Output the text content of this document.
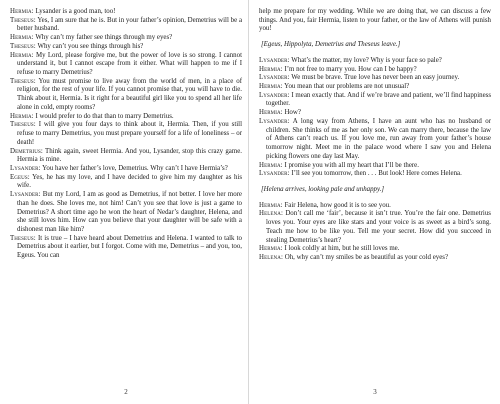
Hermia: Lysander is a good man, too!

Theseus: Yes, I am sure that he is. But in your father’s opinion, Demetrius will be a better husband.

Hermia: Why can’t my father see things through my eyes?

Theseus: Why can’t you see things through his?

Hermia: My Lord, please forgive me, but the power of love is so strong. I cannot understand it, but I cannot escape from it either. What will happen to me if I refuse to marry Demetrius?

Theseus: You must promise to live away from the world of men, in a place of religion, for the rest of your life. If you cannot promise that, you will have to die. Think about it, Hermia. Is it right for a beautiful girl like you to spend all her life alone in cold, empty rooms?

Hermia: I would prefer to do that than to marry Demetrius.

Theseus: I will give you four days to think about it, Hermia. Then, if you still refuse to marry Demetrius, you must prepare yourself for a life of loneliness – or death!

Demetrius: Think again, sweet Hermia. And you, Lysander, stop this crazy game. Hermia is mine.

Lysander: You have her father’s love, Demetrius. Why can’t I have Hermia’s?

Egeus: Yes, he has my love, and I have decided to give him my daughter as his wife.

Lysander: But my Lord, I am as good as Demetrius, if not better. I love her more than he does. She loves me, not him! Can’t you see that love is just a game to Demetrius? A short time ago he won the heart of Nedar’s daughter, Helena, and she still loves him. How can you believe that your daughter will be safe with a dishonest man like him?

Theseus: It is true – I have heard about Demetrius and Helena. I wanted to talk to Demetrius about it earlier, but I forgot. Come with me, Demetrius – and you, too, Egeus. You can

2

help me prepare for my wedding. While we are doing that, we can discuss a few things. And you, fair Hermia, listen to your father, or the law of Athens will punish you!

[Egeus, Hippolyta, Demetrius and Theseus leave.]

Lysander: What’s the matter, my love? Why is your face so pale?

Hermia: I’m not free to marry you. How can I be happy?

Lysander: We must be brave. True love has never been an easy journey.

Hermia: You mean that our problems are not unusual?

Lysander: I mean exactly that. And if we’re brave and patient, we’ll find happiness together.

Hermia: How?

Lysander: A long way from Athens, I have an aunt who has no husband or children. She thinks of me as her only son. We can marry there, because the law of Athens can’t reach us. If you love me, run away from your father’s house tomorrow night. Meet me in the palace wood where I saw you and Helena picking flowers one day last May.

Hermia: I promise you with all my heart that I’ll be there.

Lysander: I’ll see you tomorrow, then . . . But look! Here comes Helena.

[Helena arrives, looking pale and unhappy.]

Hermia: Fair Helena, how good it is to see you.

Helena: Don’t call me ‘fair’, because it isn’t true. You’re the fair one. Demetrius loves you. Your eyes are like stars and your voice is as sweet as a bird’s song. Teach me how to be like you. Tell me your secret. How did you succeed in stealing Demetrius’s heart?

Hermia: I look coldly at him, but he still loves me.

Helena: Oh, why can’t my smiles be as beautiful as your cold eyes?

3
